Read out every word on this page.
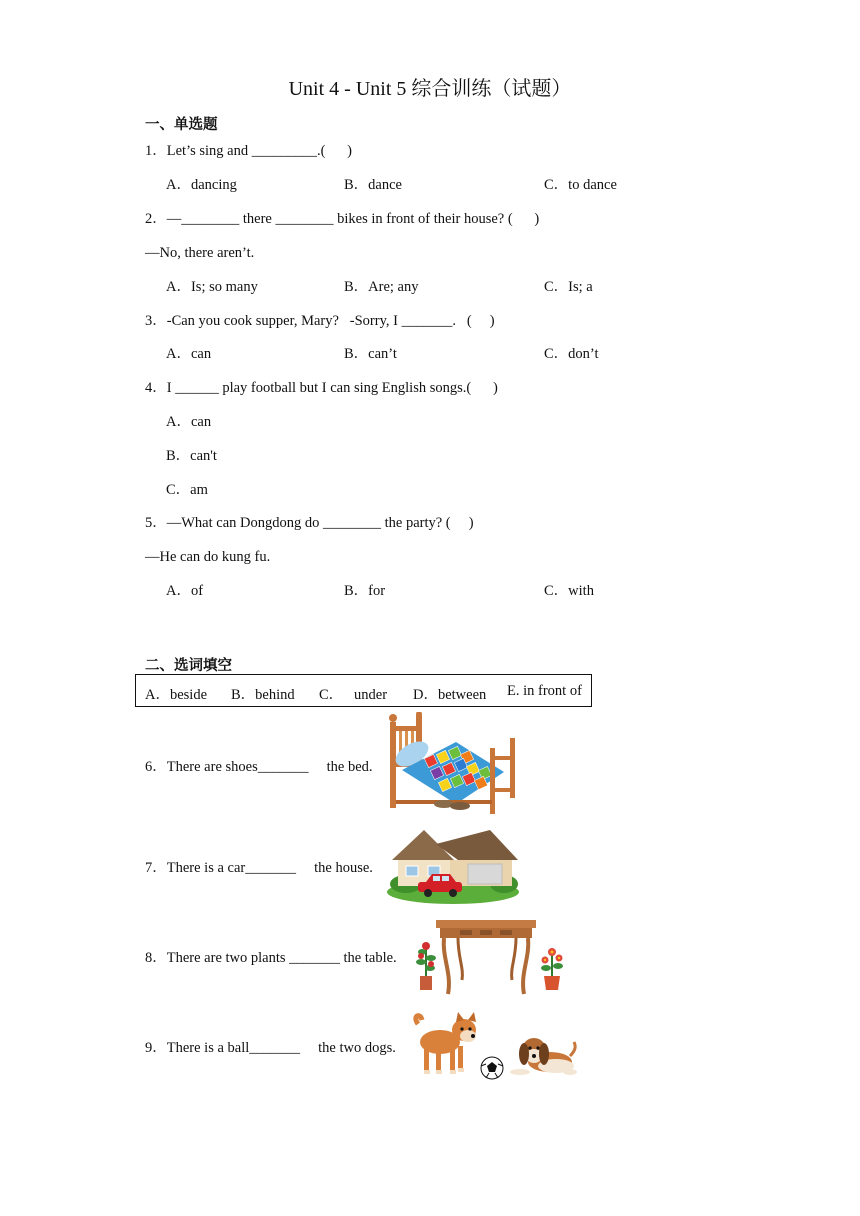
Unit 4 - Unit 5 综合训练（试题）
一、单选题
1．Let’s sing and _________.(      )
A．dancing	B．dance	C．to dance
2．—________ there ________ bikes in front of their house? (      )
—No, there aren’t.
A．Is; so many	B．Are; any	C．Is; a
3．-Can you cook supper, Mary?   -Sorry, I _______.   (     )
A．can	B．can’t	C．don’t
4．I ______ play football but I can sing English songs.(      )
A．can
B．can't
C．am
5．—What can Dongdong do ________ the party? (     )
—He can do kung fu.
A．of	B．for	C．with
二、选词填空
A．beside B．behind C．   under D．between E. in front of
6．There are shoes_______     the bed.
7．There is a car_______     the house.
8．There are two plants _______ the table.
9．There is a ball_______     the two dogs.
